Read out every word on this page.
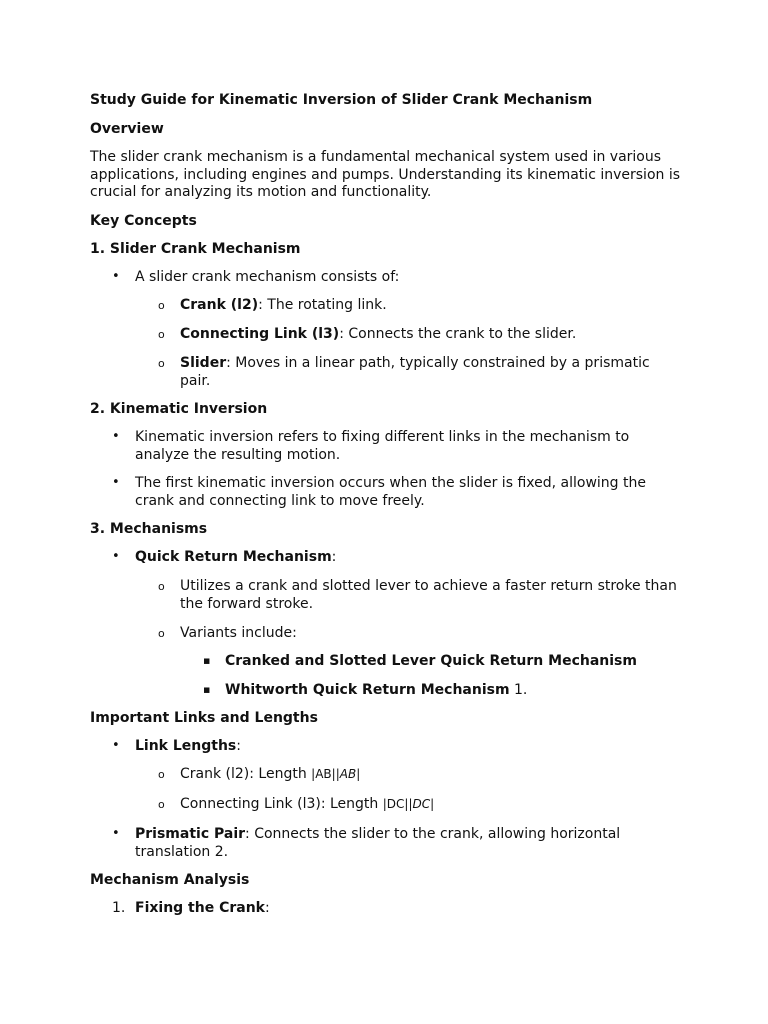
Study Guide for Kinematic Inversion of Slider Crank Mechanism
Overview
The slider crank mechanism is a fundamental mechanical system used in various
applications, including engines and pumps. Understanding its kinematic inversion is
crucial for analyzing its motion and functionality.
Key Concepts
1. Slider Crank Mechanism
• A slider crank mechanism consists of:
o Crank (l2): The rotating link.
o Connecting Link (l3): Connects the crank to the slider.
o Slider: Moves in a linear path, typically constrained by a prismatic
pair.
2. Kinematic Inversion
• Kinematic inversion refers to fixing different links in the mechanism to
analyze the resulting motion.
• The first kinematic inversion occurs when the slider is fixed, allowing the
crank and connecting link to move freely.
3. Mechanisms
• Quick Return Mechanism:
o Utilizes a crank and slotted lever to achieve a faster return stroke than
the forward stroke.
o Variants include:
▪ Cranked and Slotted Lever Quick Return Mechanism
▪ Whitworth Quick Return Mechanism 1.
Important Links and Lengths
• Link Lengths:
o Crank (l2): Length |AB||AB|
o Connecting Link (l3): Length |DC||DC|
• Prismatic Pair: Connects the slider to the crank, allowing horizontal
translation 2.
Mechanism Analysis
1. Fixing the Crank:
